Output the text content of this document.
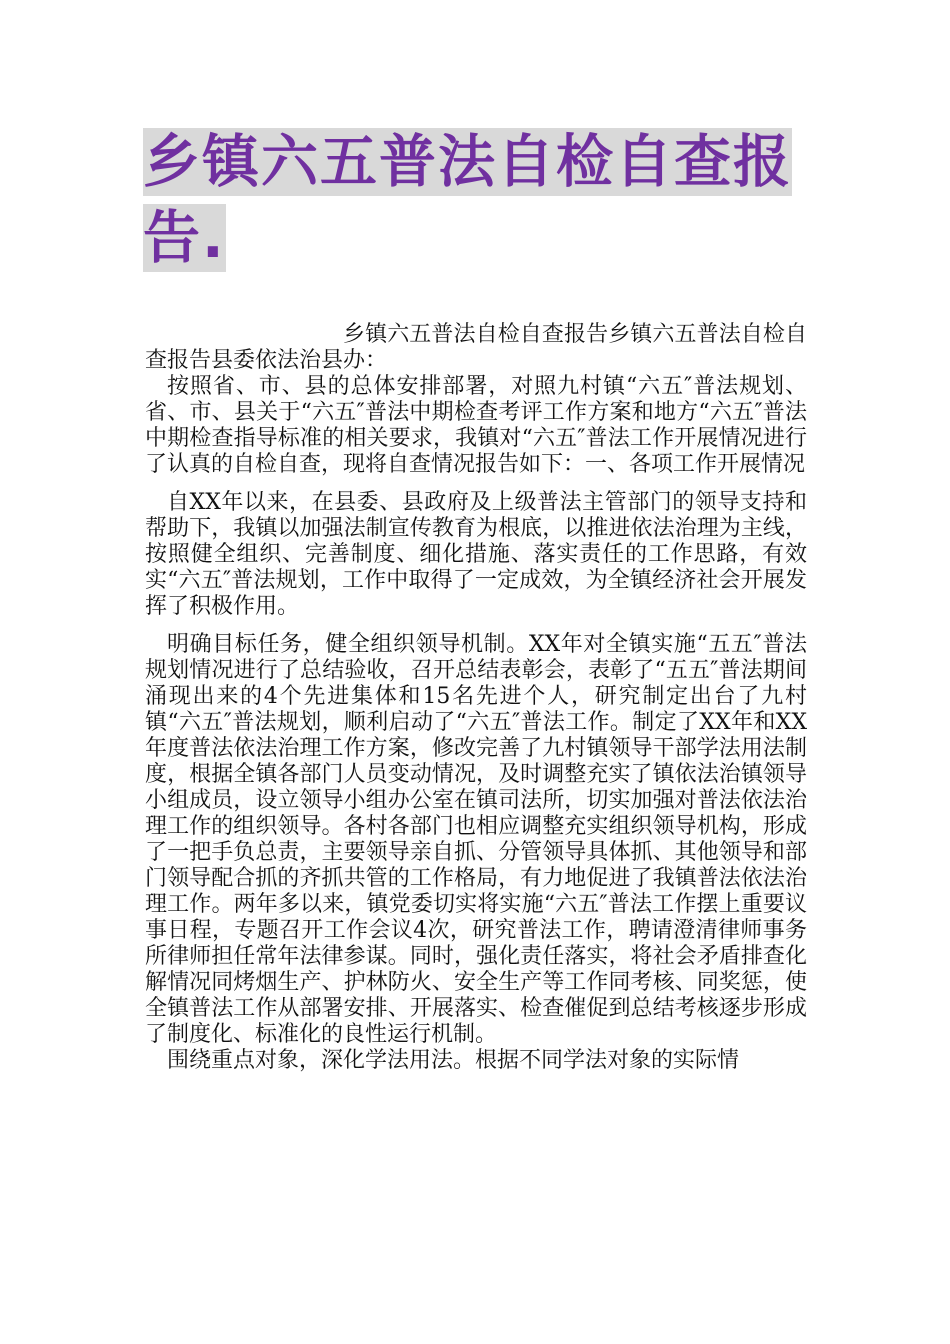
乡镇六五普法自检自查报
告.

乡镇六五普法自检自查报告乡镇六五普法自检自查报告县委依法治县办：

按照省、市、县的总体安排部署，对照九村镇“六五″普法规划、省、市、县关于“六五″普法中期检查考评工作方案和地方“六五″普法中期检查指导标准的相关要求，我镇对“六五″普法工作开展情况进行了认真的自检自查，现将自查情况报告如下：一、各项工作开展情况

自XX年以来，在县委、县政府及上级普法主管部门的领导支持和帮助下，我镇以加强法制宣传教育为根底，以推进依法治理为主线，按照健全组织、完善制度、细化措施、落实责任的工作思路，有效实“六五″普法规划，工作中取得了一定成效，为全镇经济社会开展发挥了积极作用。

明确目标任务，健全组织领导机制。XX年对全镇实施“五五″普法规划情况进行了总结验收，召开总结表彰会，表彰了“五五″普法期间涌现出来的4个先进集体和15名先进个人，研究制定出台了九村镇“六五″普法规划，顺利启动了“六五″普法工作。制定了XX年和XX年度普法依法治理工作方案，修改完善了九村镇领导干部学法用法制度，根据全镇各部门人员变动情况，及时调整充实了镇依法治镇领导小组成员，设立领导小组办公室在镇司法所，切实加强对普法依法治理工作的组织领导。各村各部门也相应调整充实组织领导机构，形成了一把手负总责，主要领导亲自抓、分管领导具体抓、其他领导和部门领导配合抓的齐抓共管的工作格局，有力地促进了我镇普法依法治理工作。两年多以来，镇党委切实将实施“六五″普法工作摆上重要议事日程，专题召开工作会议4次，研究普法工作，聘请澄清律师事务所律师担任常年法律参谋。同时，强化责任落实，将社会矛盾排查化解情况同烤烟生产、护林防火、安全生产等工作同考核、同奖惩，使全镇普法工作从部署安排、开展落实、检查催促到总结考核逐步形成了制度化、标准化的良性运行机制。

围绕重点对象，深化学法用法。根据不同学法对象的实际情
